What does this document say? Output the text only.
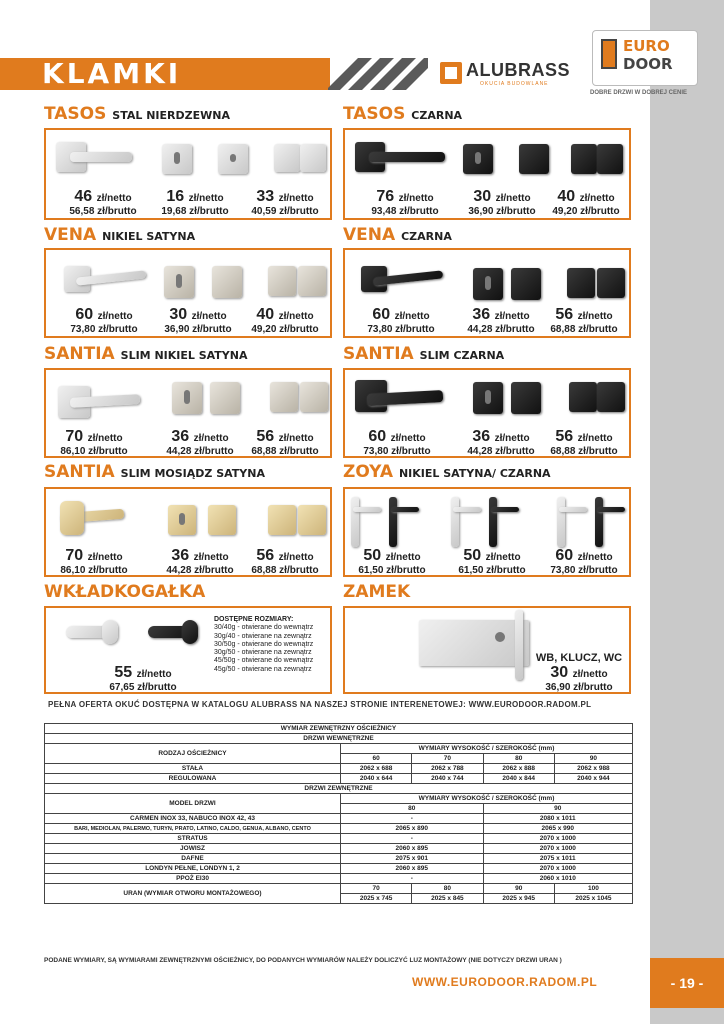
KLAMKI	ALUBRASS
OKUCIA BUDOWLANE
EURO
DOOR
DOBRE DRZWI W DOBREJ CENIE
TASOS STAL NIERDZEWNA
46 zł/netto
56,58 zł/brutto
16 zł/netto
19,68 zł/brutto
33 zł/netto
40,59 zł/brutto
TASOS CZARNA
76 zł/netto
93,48 zł/brutto
30 zł/netto
36,90 zł/brutto
40 zł/netto
49,20 zł/brutto
VENA NIKIEL SATYNA
60 zł/netto
73,80 zł/brutto
30 zł/netto
36,90 zł/brutto
40 zł/netto
49,20 zł/brutto
VENA CZARNA
60 zł/netto
73,80 zł/brutto
36 zł/netto
44,28 zł/brutto
56 zł/netto
68,88 zł/brutto
SANTIA SLIM NIKIEL SATYNA
70 zł/netto
86,10 zł/brutto
36 zł/netto
44,28 zł/brutto
56 zł/netto
68,88 zł/brutto
SANTIA SLIM CZARNA
60 zł/netto
73,80 zł/brutto
36 zł/netto
44,28 zł/brutto
56 zł/netto
68,88 zł/brutto
SANTIA SLIM MOSIĄDZ SATYNA
70 zł/netto
86,10 zł/brutto
36 zł/netto
44,28 zł/brutto
56 zł/netto
68,88 zł/brutto
ZOYA NIKIEL SATYNA/ CZARNA
50 zł/netto
61,50 zł/brutto
50 zł/netto
61,50 zł/brutto
60 zł/netto
73,80 zł/brutto
WKŁADKOGAŁKA
55 zł/netto
67,65 zł/brutto
DOSTĘPNE ROZMIARY:
30/40g - otwierane do wewnątrz
30g/40 - otwierane na zewnątrz
30/50g - otwierane do wewnątrz
30g/50 - otwierane na zewnątrz
45/50g - otwierane do wewnątrz
45g/50 - otwierane na zewnątrz
ZAMEK
WB, KLUCZ, WC
30 zł/netto
36,90 zł/brutto
PEŁNA OFERTA OKUĆ DOSTĘPNA W KATALOGU ALUBRASS NA NASZEJ STRONIE INTERENETOWEJ: WWW.EURODOOR.RADOM.PL
WYMIAR ZEWNĘTRZNY OŚCIEŻNICY				
DRZWI WEWNĘTRZNE				
RODZAJ OŚCIEŻNICY	WYMIARY WYSOKOŚĆ / SZEROKOŚĆ (mm)			
	60	70	80	90
STAŁA	2062 x 688	2062 x 788	2062 x 888	2062 x 988
REGULOWANA	2040 x 644	2040 x 744	2040 x 844	2040 x 944
DRZWI ZEWNĘTRZNE				
MODEL DRZWI	WYMIARY WYSOKOŚĆ / SZEROKOŚĆ (mm)			
	80		90	
CARMEN INOX 33, NABUCO INOX 42, 43	-		2080 x 1011	
BARI, MEDIOLAN, PALERMO, TURYN, PRATO, LATINO, CALDO, GENUA, ALBANO, CENTO	2065 x 890		2065 x 990	
STRATUS	-		2070 x 1000	
JOWISZ	2060 x 895		2070 x 1000	
DAFNE	2075 x 901		2075 x 1011	
LONDYN PEŁNE, LONDYN 1, 2	2060 x 895		2070 x 1000	
PPOŻ EI30	-		2060 x 1010	
URAN (WYMIAR OTWORU MONTAŻOWEGO)	70	80	90	100
	2025 x 745	2025 x 845	2025 x 945	2025 x 1045
PODANE WYMIARY, SĄ WYMIARAMI ZEWNĘTRZNYMI OŚCIEŻNICY, DO PODANYCH WYMIARÓW NALEŻY DOLICZYĆ LUZ MONTAŻOWY (NIE DOTYCZY DRZWI URAN )
WWW.EURODOOR.RADOM.PL	- 19 -
